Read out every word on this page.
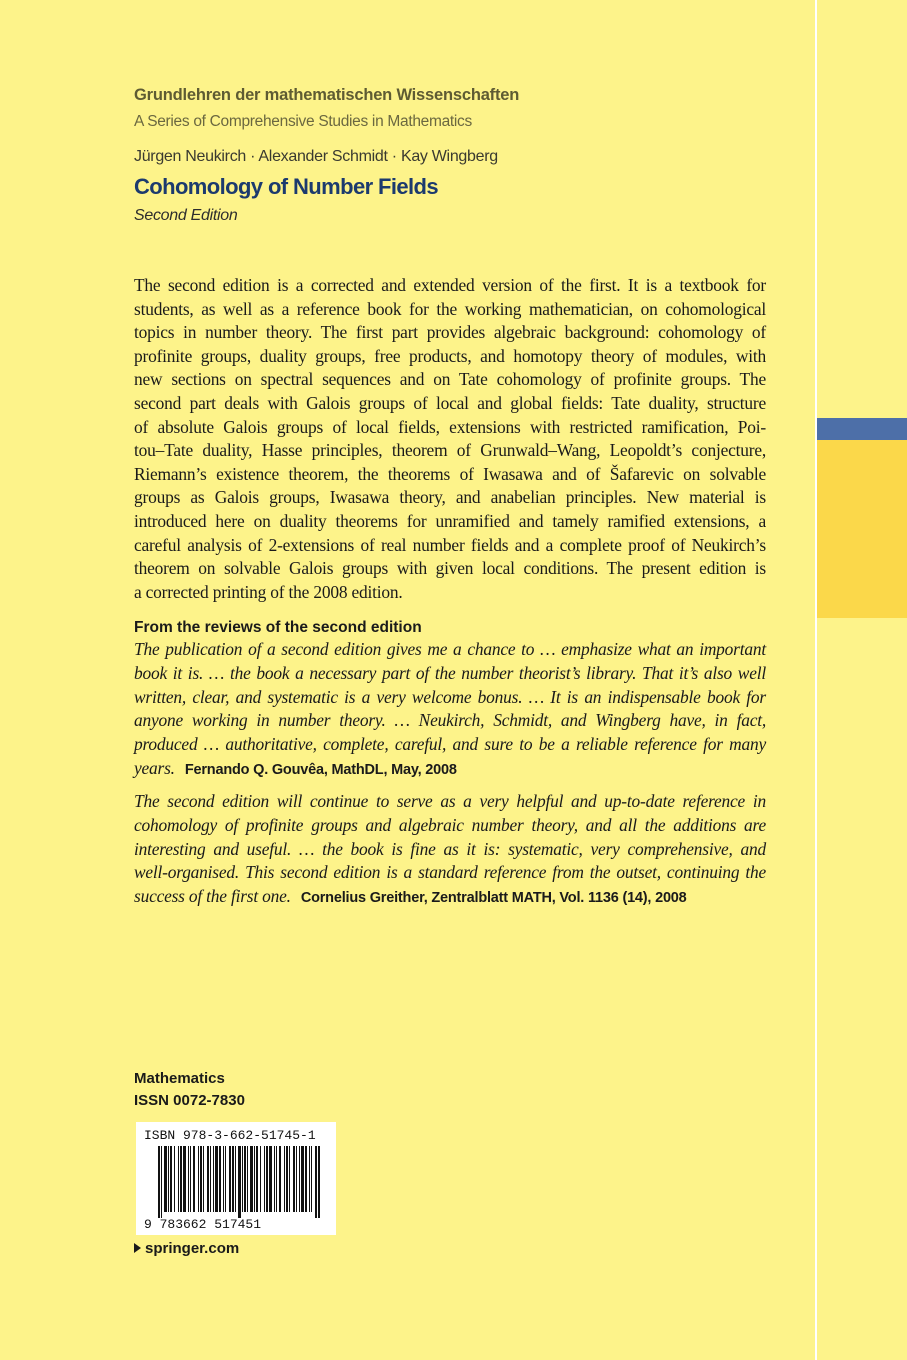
Grundlehren der mathematischen Wissenschaften
A Series of Comprehensive Studies in Mathematics
Jürgen Neukirch · Alexander Schmidt · Kay Wingberg
Cohomology of Number Fields
Second Edition
The second edition is a corrected and extended version of the first. It is a textbook for
students, as well as a reference book for the working mathematician, on cohomological
topics in number theory. The first part provides algebraic background: cohomology of
profinite groups, duality groups, free products, and homotopy theory of modules, with
new sections on spectral sequences and on Tate cohomology of profinite groups. The
second part deals with Galois groups of local and global fields: Tate duality, structure
of absolute Galois groups of local fields, extensions with restricted ramification, Poi-
tou–Tate duality, Hasse principles, theorem of Grunwald–Wang, Leopoldt’s conjecture,
Riemann’s existence theorem, the theorems of Iwasawa and of Šafarevic on solvable
groups as Galois groups, Iwasawa theory, and anabelian principles. New material is
introduced here on duality theorems for unramified and tamely ramified extensions, a
careful analysis of 2-extensions of real number fields and a complete proof of Neukirch’s
theorem on solvable Galois groups with given local conditions. The present edition is
a corrected printing of the 2008 edition.
From the reviews of the second edition
The publication of a second edition gives me a chance to … emphasize what an important
book it is. … the book a necessary part of the number theorist’s library. That it’s also well
written, clear, and systematic is a very welcome bonus. … It is an indispensable book for
anyone working in number theory. … Neukirch, Schmidt, and Wingberg have, in fact,
produced … authoritative, complete, careful, and sure to be a reliable reference for many
years. Fernando Q. Gouvêa, MathDL, May, 2008
The second edition will continue to serve as a very helpful and up-to-date reference in
cohomology of profinite groups and algebraic number theory, and all the additions are
interesting and useful. … the book is fine as it is: systematic, very comprehensive, and
well-organised. This second edition is a standard reference from the outset, continuing the
success of the first one. Cornelius Greither, Zentralblatt MATH, Vol. 1136 (14), 2008
Mathematics
ISSN 0072-7830
ISBN 978-3-662-51745-1
9 783662 517451
springer.com
